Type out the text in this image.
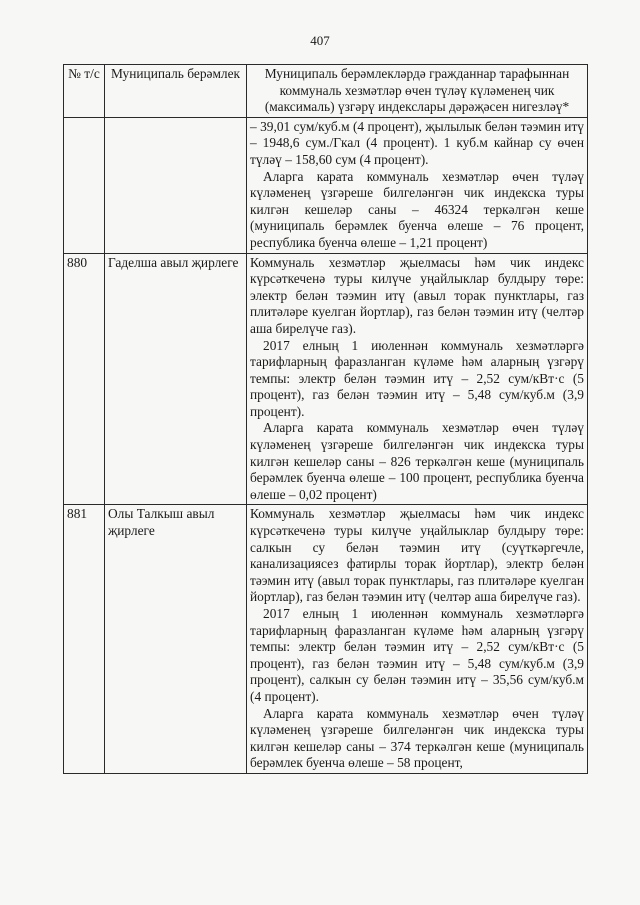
407
№ т/с	Муниципаль берәмлек	Муниципаль берәмлекләрдә гражданнар тарафыннан коммуналь хезмәтләр өчен түләү күләменең чик (максималь) үзгәрү индекслары дәрәҗәсен нигезләү*

		– 39,01 сум/куб.м (4 процент), җылылык белән тәэмин итү – 1948,6 сум./Гкал (4 процент). 1 куб.м кайнар су өчен түләү – 158,60 сум (4 процент).

Аларга карата коммуналь хезмәтләр өчен түләү күләменең үзгәреше билгеләнгән чик индекска туры килгән кешеләр саны – 46324 теркәлгән кеше (муниципаль берәмлек буенча өлеше – 76 процент, республика буенча өлеше – 1,21 процент)

880	Гаделша авыл җирлеге	Коммуналь хезмәтләр җыелмасы һәм чик индекс күрсәткеченә туры килүче уңайлыклар булдыру төре: электр белән тәэмин итү (авыл торак пунктлары, газ плитәләре куелган йортлар), газ белән тәэмин итү (челтәр аша бирелүче газ).

2017 елның 1 июленнән коммуналь хезмәтләргә тарифларның фаразланган күләме һәм аларның үзгәрү темпы: электр белән тәэмин итү – 2,52 сум/кВт·с (5 процент), газ белән тәэмин итү – 5,48 сум/куб.м (3,9 процент).

Аларга карата коммуналь хезмәтләр өчен түләү күләменең үзгәреше билгеләнгән чик индекска туры килгән кешеләр саны – 826 теркәлгән кеше (муниципаль берәмлек буенча өлеше – 100 процент, республика буенча өлеше – 0,02 процент)

881	Олы Талкыш авыл җирлеге	Коммуналь хезмәтләр җыелмасы һәм чик индекс күрсәткеченә туры килүче уңайлыклар булдыру төре: салкын су белән тәэмин итү (суүткәргечле, канализациясез фатирлы торак йортлар), электр белән тәэмин итү (авыл торак пунктлары, газ плитәләре куелган йортлар), газ белән тәэмин итү (челтәр аша бирелүче газ).

2017 елның 1 июленнән коммуналь хезмәтләргә тарифларның фаразланган күләме һәм аларның үзгәрү темпы: электр белән тәэмин итү – 2,52 сум/кВт·с (5 процент), газ белән тәэмин итү – 5,48 сум/куб.м (3,9 процент), салкын су белән тәэмин итү – 35,56 сум/куб.м (4 процент).

Аларга карата коммуналь хезмәтләр өчен түләү күләменең үзгәреше билгеләнгән чик индекска туры килгән кешеләр саны – 374 теркәлгән кеше (муниципаль берәмлек буенча өлеше – 58 процент,
